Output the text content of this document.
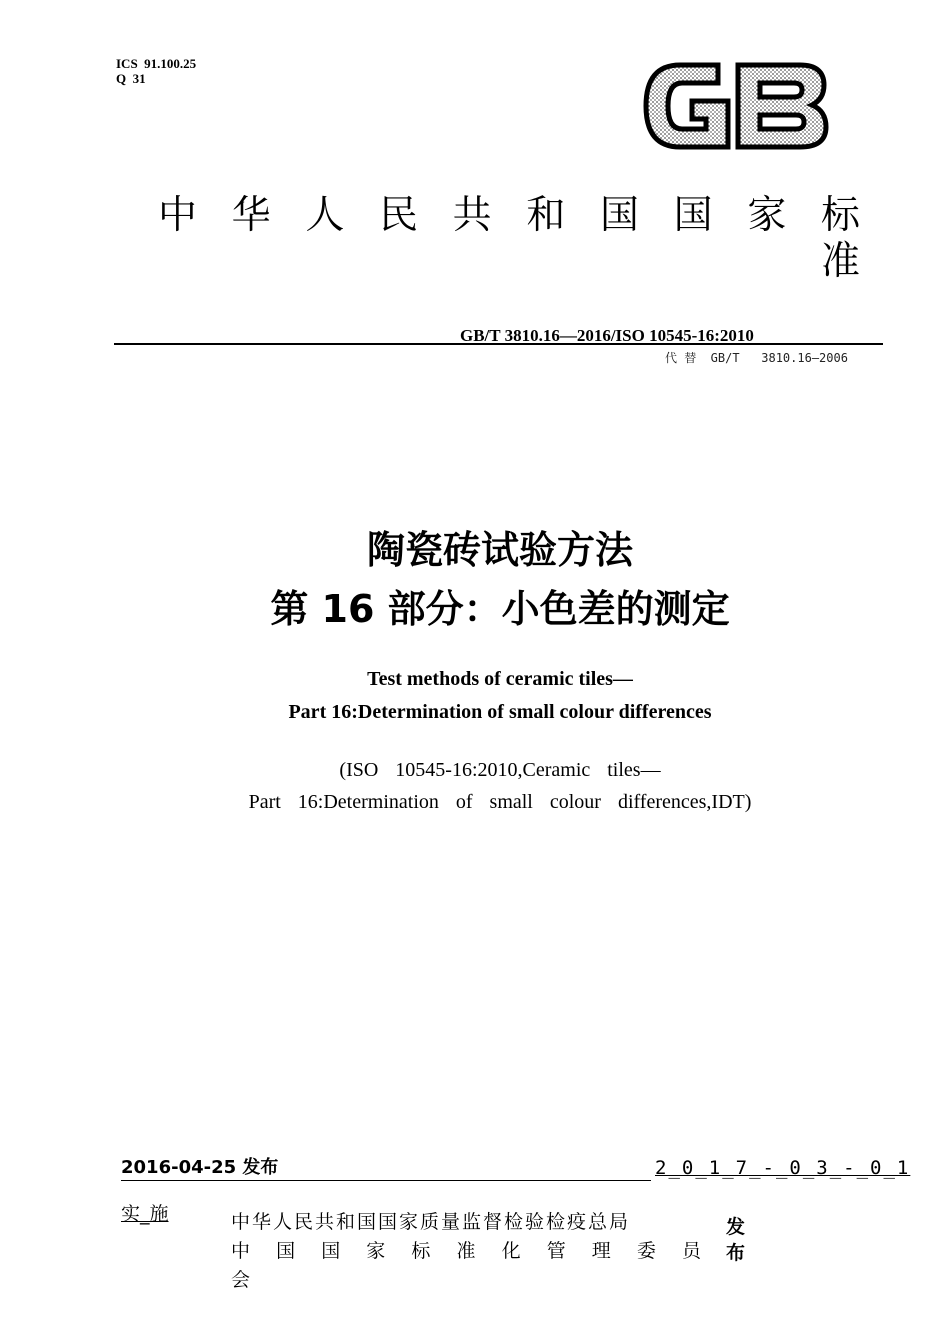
ICS  91.100.25
Q  31
中华人民共和国国家标准
GB/T 3810.16—2016/ISO 10545-16:2010
代 替  GB/T   3810.16—2006
陶瓷砖试验方法
第 16 部分：小色差的测定
Test methods of ceramic tiles—
Part 16:Determination of small colour differences
(ISO 10545-16:2010,Ceramic tiles—
Part 16:Determination of small colour differences,IDT)
2016-04-25 发布	2_0_1_7_-_0_3_-_0_1
实_施	中华人民共和国国家质量监督检验检疫总局
中国国家标准化管理委员
会
发布
